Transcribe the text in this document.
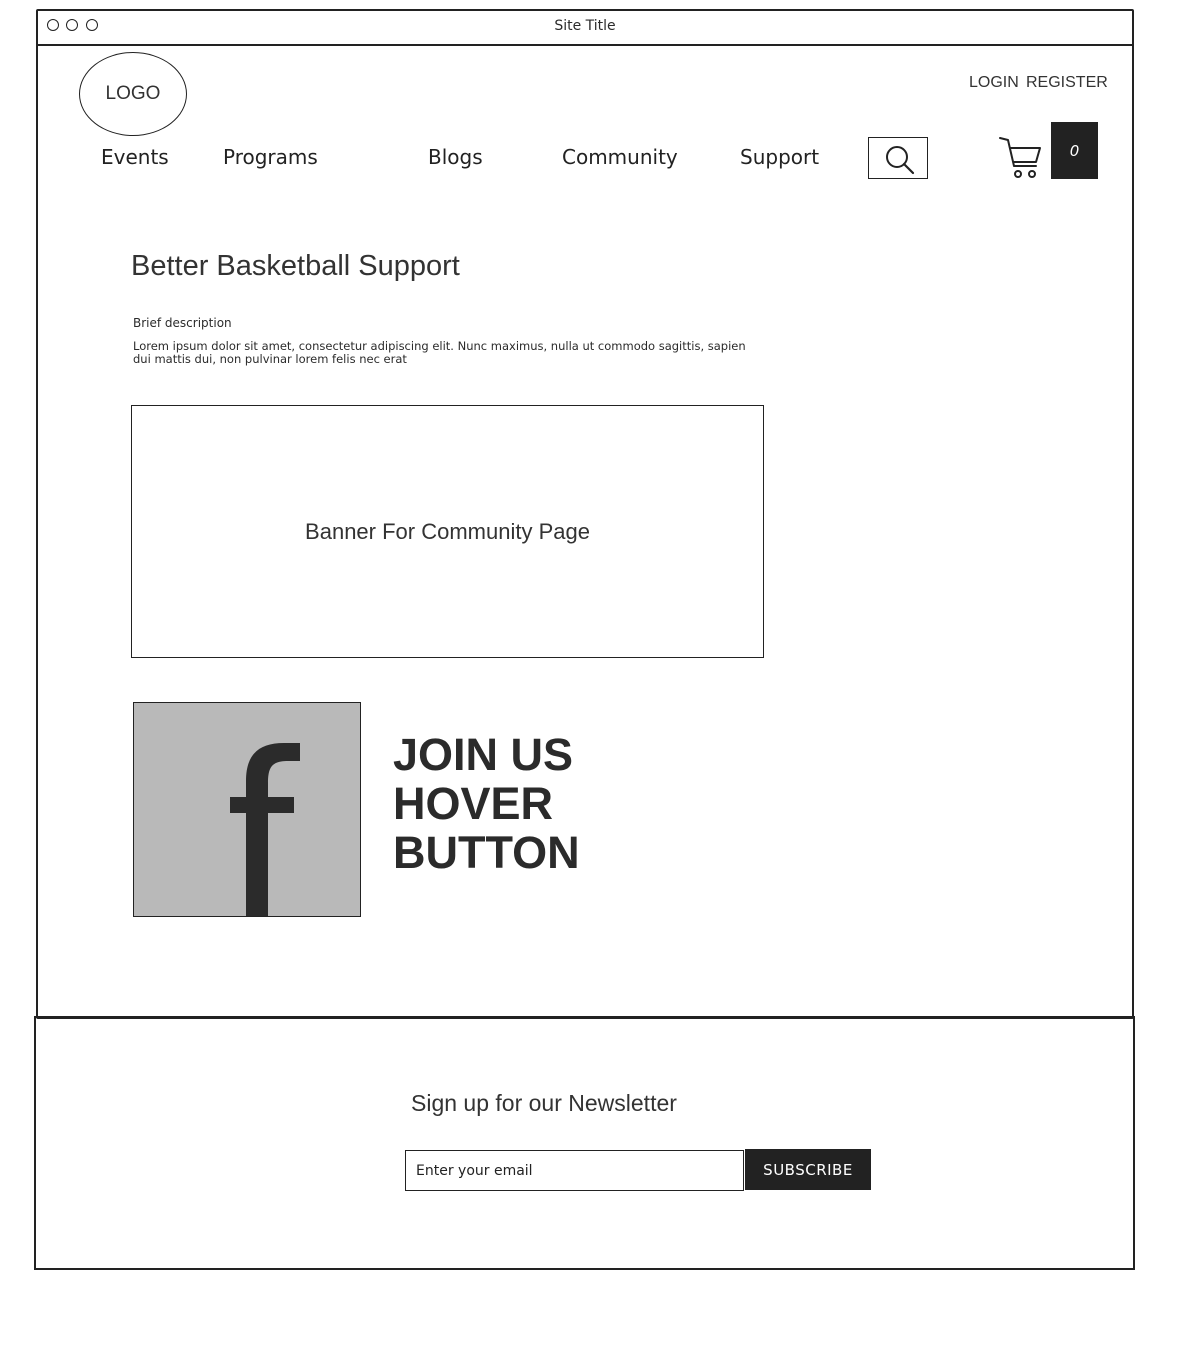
Site Title
LOGO
LOGIN REGISTER
Events	Programs	Blogs	Community	Support	0
Better Basketball Support
Brief description
Lorem ipsum dolor sit amet, consectetur adipiscing elit. Nunc maximus, nulla ut commodo sagittis, sapien dui mattis dui, non pulvinar lorem felis nec erat
Banner For Community Page
JOIN US
HOVER
BUTTON
Sign up for our Newsletter
Enter your email
SUBSCRIBE
